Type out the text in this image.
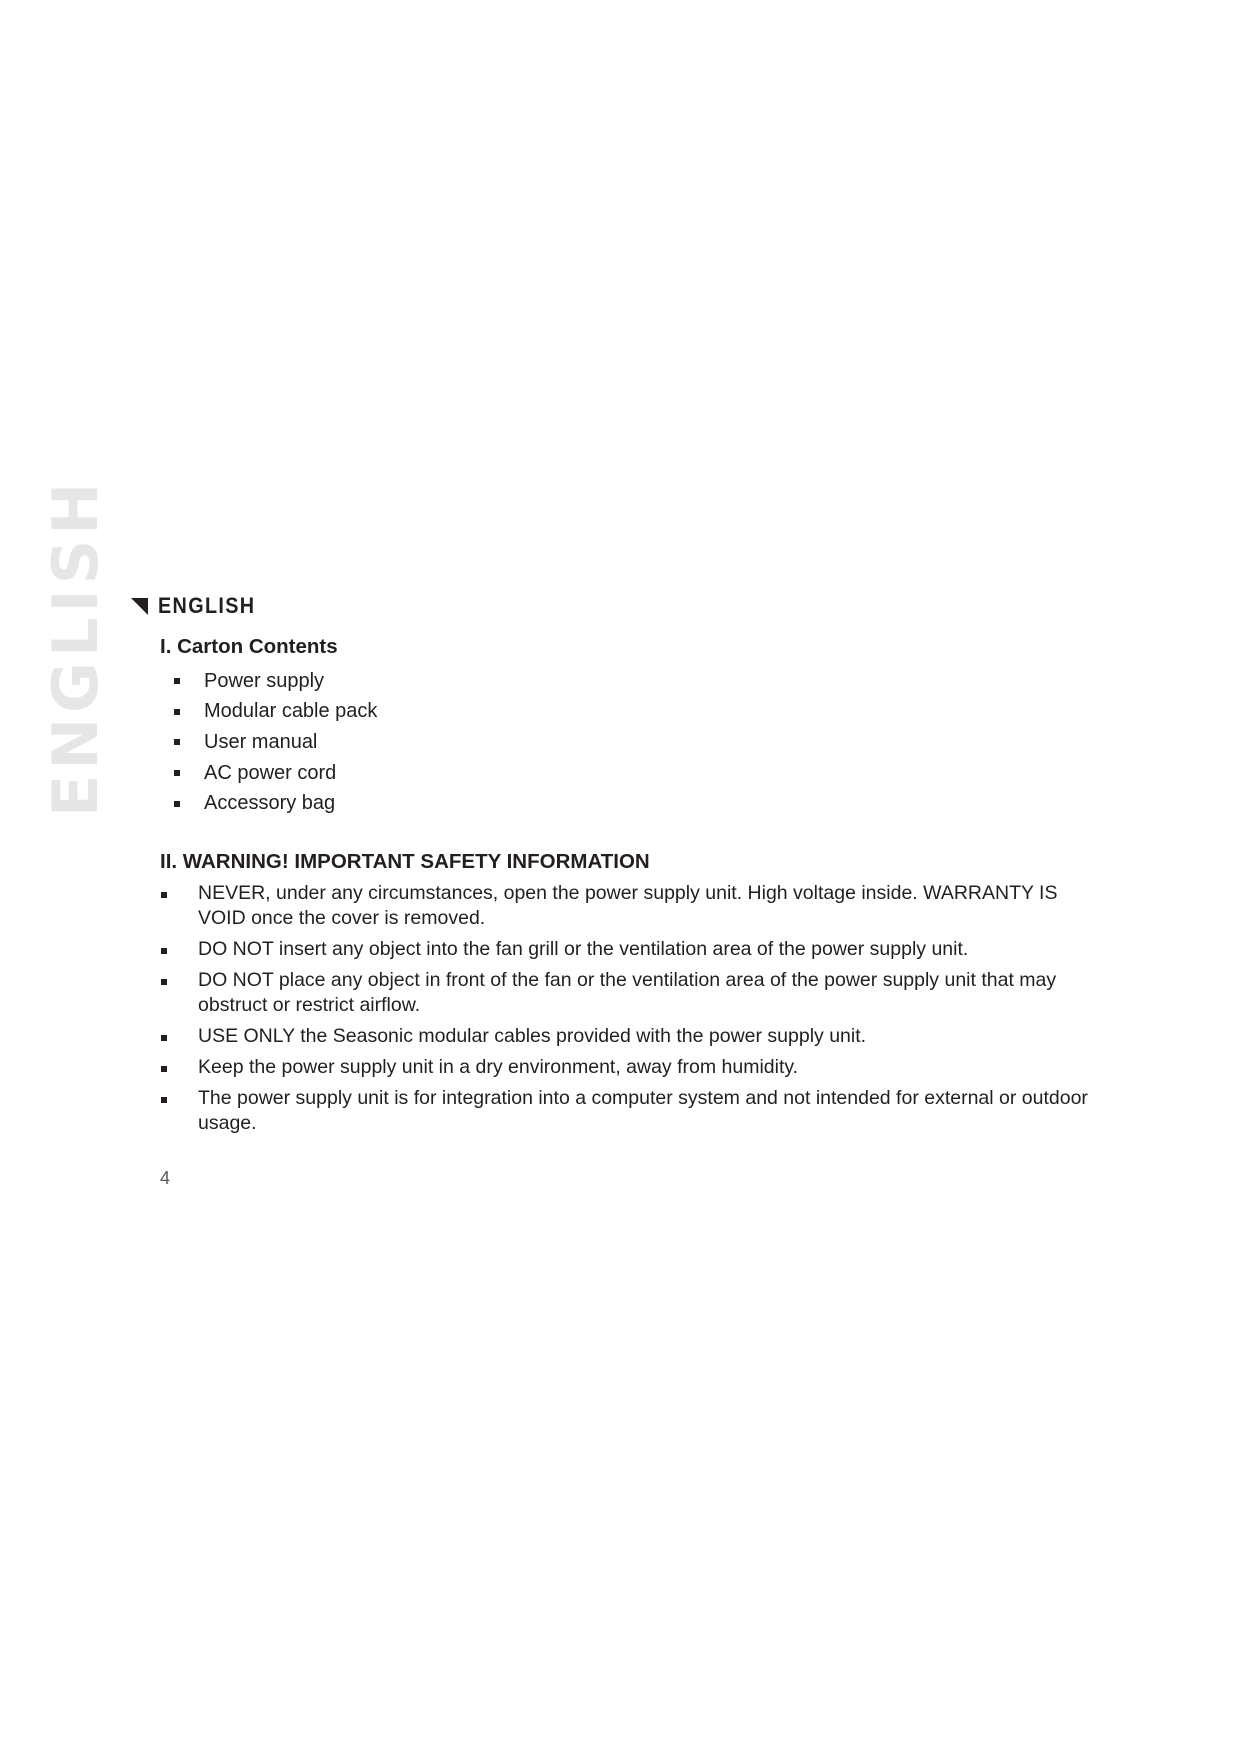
ENGLISH ENGLISH
I. Carton Contents
Power supply
Modular cable pack
User manual
AC power cord
Accessory bag
II. WARNING! IMPORTANT SAFETY INFORMATION
NEVER, under any circumstances, open the power supply unit. High voltage inside. WARRANTY IS VOID once the cover is removed.
DO NOT insert any object into the fan grill or the ventilation area of the power supply unit.
DO NOT place any object in front of the fan or the ventilation area of the power supply unit that may obstruct or restrict airflow.
USE ONLY the Seasonic modular cables provided with the power supply unit.
Keep the power supply unit in a dry environment, away from humidity.
The power supply unit is for integration into a computer system and not intended for external or outdoor usage.
4
